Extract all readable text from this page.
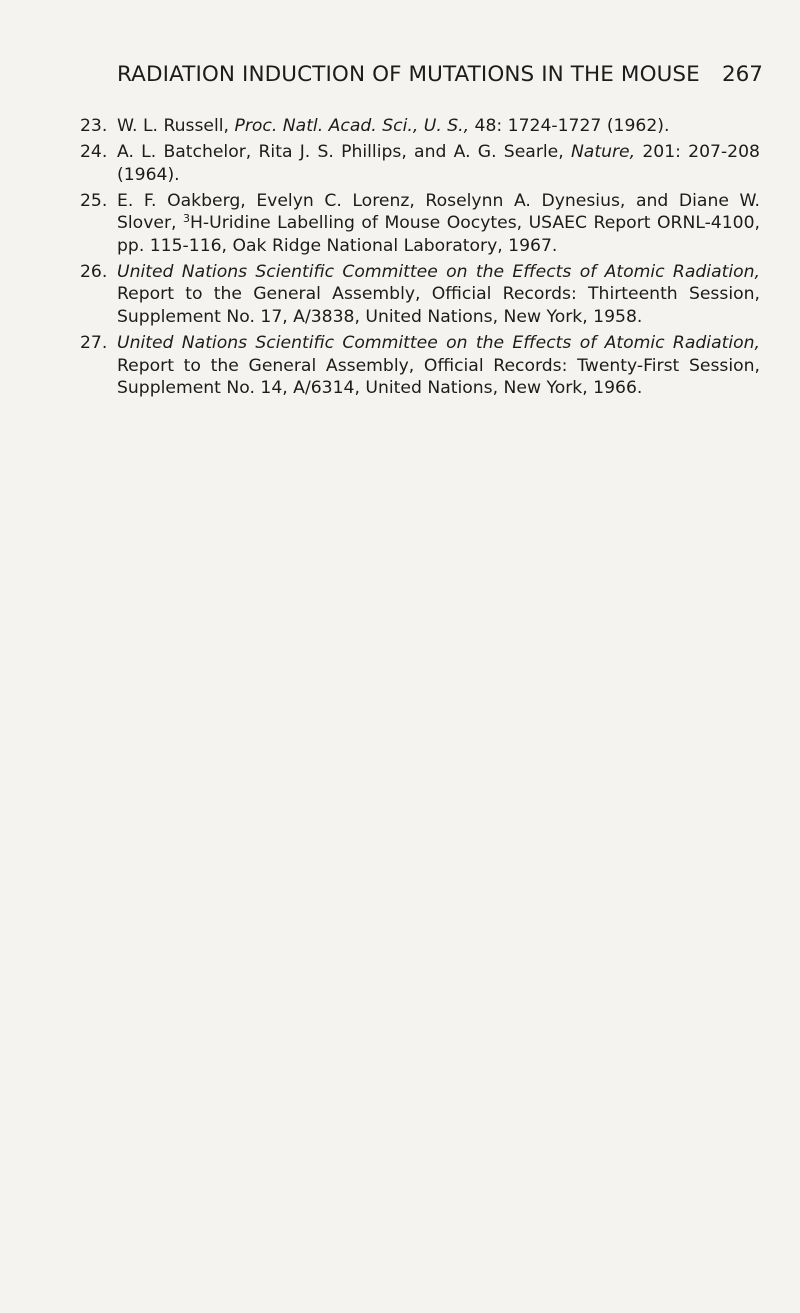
RADIATION INDUCTION OF MUTATIONS IN THE MOUSE 267
23. W. L. Russell, Proc. Natl. Acad. Sci., U. S., 48: 1724-1727 (1962).
24. A. L. Batchelor, Rita J. S. Phillips, and A. G. Searle, Nature, 201: 207-208 (1964).
25. E. F. Oakberg, Evelyn C. Lorenz, Roselynn A. Dynesius, and Diane W. Slover, $^3$H-Uridine Labelling of Mouse Oocytes, USAEC Report ORNL-4100, pp. 115-116, Oak Ridge National Laboratory, 1967.
26. United Nations Scientific Committee on the Effects of Atomic Radiation, Report to the General Assembly, Official Records: Thirteenth Session, Supplement No. 17, A/3838, United Nations, New York, 1958.
27. United Nations Scientific Committee on the Effects of Atomic Radiation, Report to the General Assembly, Official Records: Twenty-First Session, Supplement No. 14, A/6314, United Nations, New York, 1966.
